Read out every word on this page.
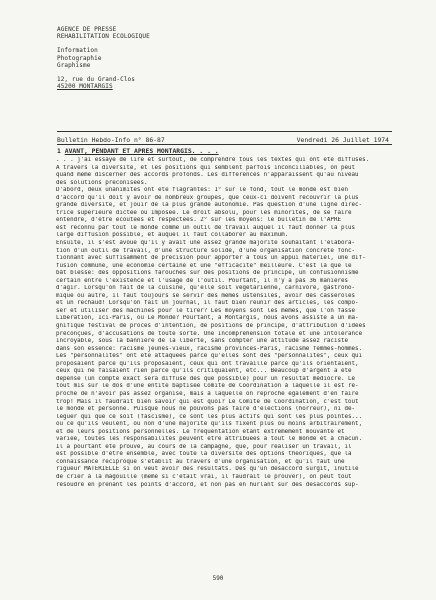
AGENCE DE PRESSE
REHABILITATION ECOLOGIQUE
Information
Photographie
Graphisme
12, rue du Grand-Clos
45200 MONTARGIS
Bulletin Hebdo-Info n° 86-87	Vendredi 26 Juillet 1974
1 AVANT, PENDANT ET APRES MONTARGIS. . . .
. . . j'ai essayé de lire et surtout, de comprendre tous les textes qui ont été diffusés.
A travers la diversité, et les positions qui semblent parfois inconciliables, on peut
quand même discerner des accords profonds. Les différences n'apparaissent qu'au niveau
des solutions préconisées.
D'abord, deux unanimités ont été flagrantes: 1° sur le fond, tout le monde est bien
d'accord qu'il doit y avoir de nombreux groupes, que ceux-ci doivent recouvrir la plus
grande diversité, et jouir de la plus grande autonomie. Pas question d'une ligne direc-
trice supérieure dictée ou imposée. Le droit absolu, pour les minorités, de se faire
entendre, d'être écoutées et respectées. 2° sur les moyens: le bulletin de l'APRE
est reconnu par tout le monde comme un outil de travail auquel il faut donner la plus
large diffusion possible, et auquel il faut collaborer au maximum.
Ensuite, il s'est avoué qu'il y avait une assez grande majorité souhaitant l'élabora-
tion d'un outil de travail, d'une structure solide, d'une organisation concrète fonc-
tionnant avec suffisamment de précision pour apporter à tous un appui matériel, une dif-
fusion commune, une économie certaine et une "efficacité" meilleure. C'est là que le
bât blesse: des oppositions farouches sur des positions de principe, un confusionnisme
certain entre l'existence et l'usage de l'outil. Pourtant, il n'y a pas 36 manières
d'agir. Lorsqu'on fait de la cuisine, qu'elle soit végétarienne, carnivore, gastrono-
mique ou autre, il faut toujours se servir des mêmes ustensiles, avoir des casseroles
et un réchaud! Lorsqu'on fait un journal, il faut bien réunir des articles, les compo-
ser et utiliser des machines pour le tirer? Les moyens sont les mêmes, que l'on fasse
Libération, Ici-Paris, ou Le Monde? Pourtant, à Montargis, nous avons assisté à un ma-
gnifique festival de procès d'intention, de positions de principe, d'attribution d'idées
préconçues, d'accusations de toute sorte. Une incompréhension totale et une intolérance
incroyable, sous la bannière de la liberté, sans compter une attitude assez raciste
dans son essence: racisme jeunes-vieux, racisme provinces-Paris, racisme femmes-hommes.
Les "personnalités" ont été attaquées parce qu'elles sont des "personnalités", ceux qui
proposaient parce qu'ils proposaient, ceux qui ont travaillé parce qu'ils orientaient,
ceux qui ne faisaient rien parce qu'ils critiquaient, etc... Beaucoup d'argent a été
dépensé (un compte exact sera diffusé dès que possible) pour un résultat médiocre. Le
tout mis sur le dos d'une entité baptisée Comité de Coordination à laquelle il est re-
proché de n'avoir pas assez organisé, mais à laquelle on reproche également d'en faire
trop! Mais il faudrait bien savoir qui est quoi? Le Comité de Coordination, c'est tout
le monde et personne. Puisque nous ne pouvons pas faire d'élections (horreur), ni dé-
léguer qui que ce soit (fascisme), ce sont les plus actifs qui sont les plus pointés...
ou ce qu'ils veulent, ou non d'une majorité qu'ils fixent plus ou moins arbitrairement,
et de leurs positions personnelles. Le fréquentation étant extrêmement mouvante et
variée, toutes les responsabilités peuvent être attribuées à tout le monde et à chacun.
Il a pourtant été prouvé, au cours de la campagne, que, pour réaliser un travail, il
est possible d'être ensemble, avec toute la diversité des options théoriques, que la
connaissance réciproque s'établit au travers d'une organisation, et qu'il faut une
rigueur MATERIELLE si on veut avoir des résultats. Dès qu'un désaccord surgit, inutile
de crier à la magouille (même si c'était vrai, il faudrait le prouver), on peut tout
résoudre en prenant les points d'accord, et non pas en hurlant sur des désaccords sup-
590
